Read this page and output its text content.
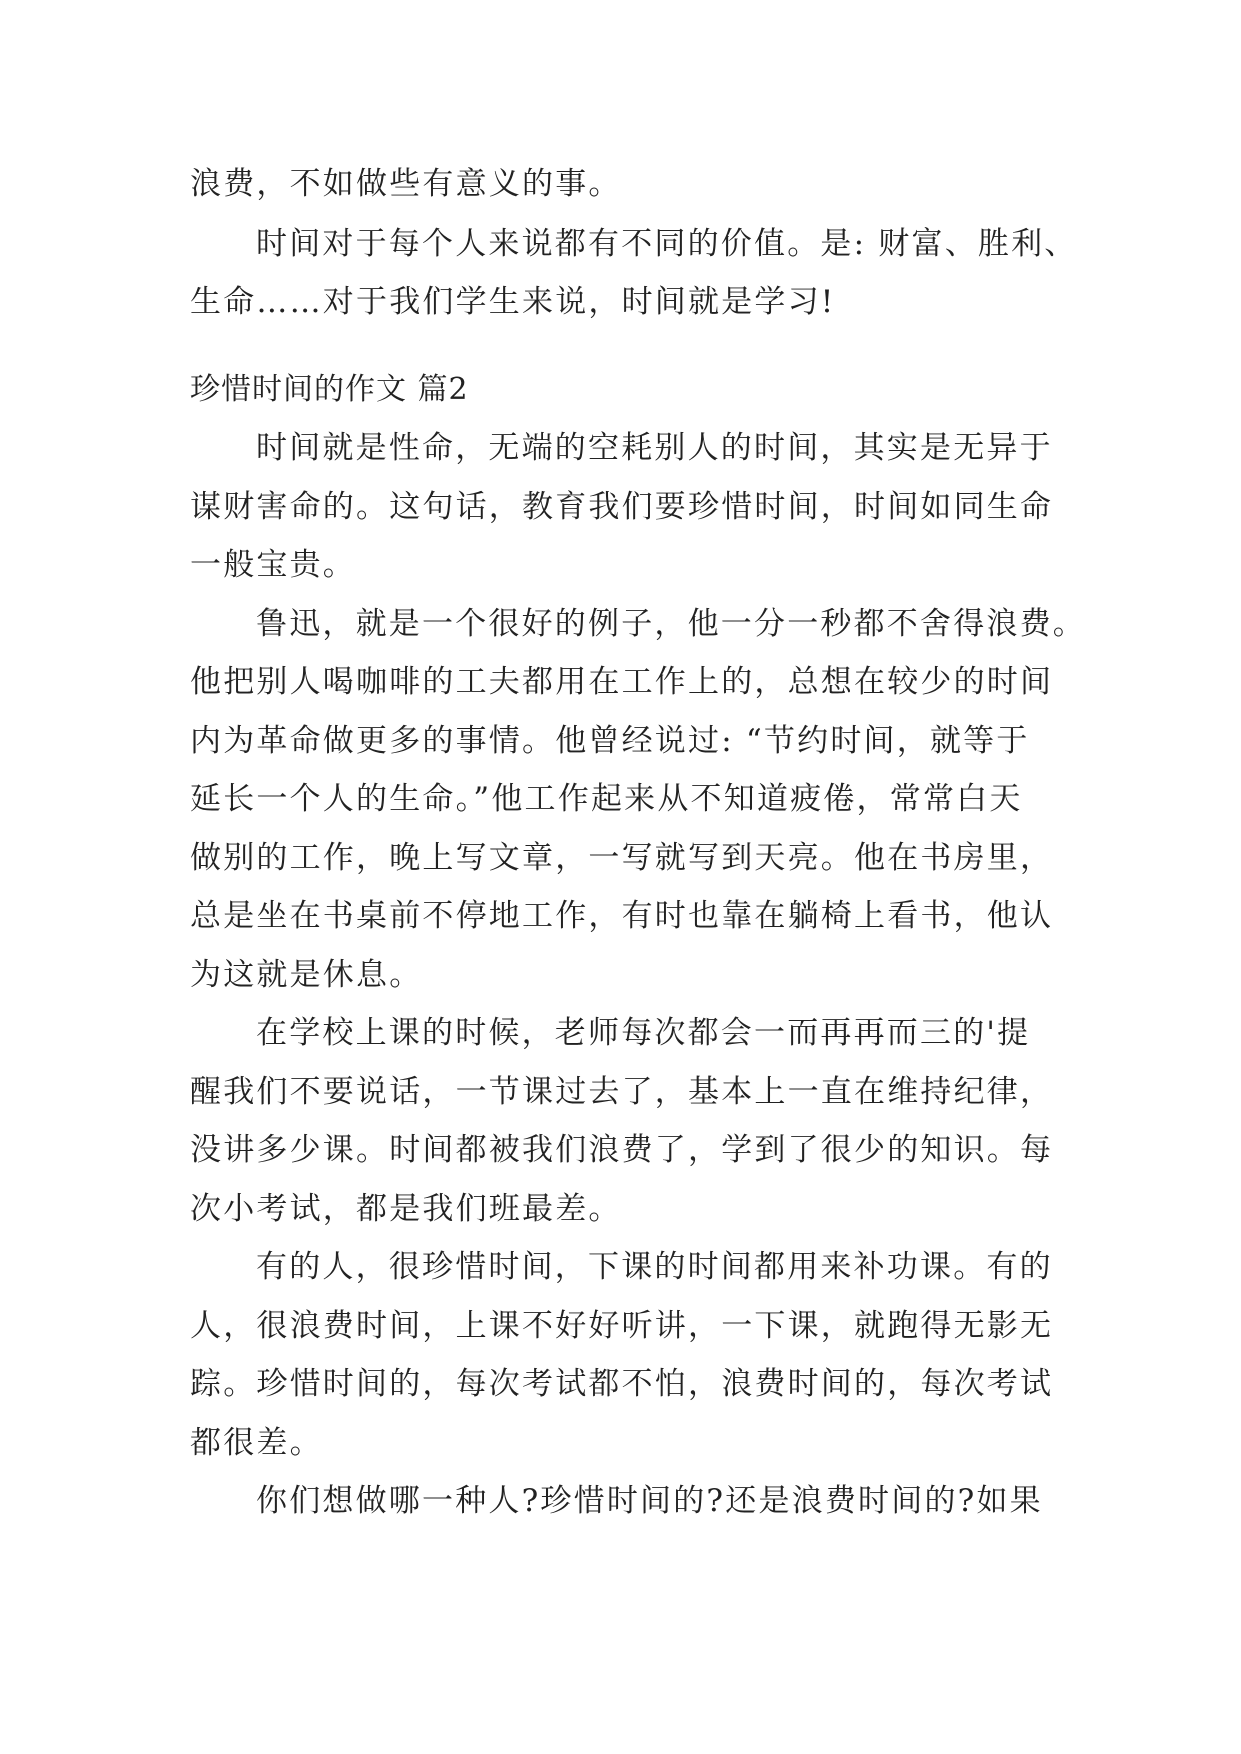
浪费，不如做些有意义的事。
时间对于每个人来说都有不同的价值。是: 财富、胜利、
生命……对于我们学生来说，时间就是学习!
珍惜时间的作文 篇2
时间就是性命，无端的空耗别人的时间，其实是无异于
谋财害命的。这句话，教育我们要珍惜时间，时间如同生命
一般宝贵。
鲁迅，就是一个很好的例子，他一分一秒都不舍得浪费。
他把别人喝咖啡的工夫都用在工作上的，总想在较少的时间
内为革命做更多的事情。他曾经说过: “节约时间，就等于
延长一个人的生命。”他工作起来从不知道疲倦，常常白天
做别的工作，晚上写文章，一写就写到天亮。他在书房里，
总是坐在书桌前不停地工作，有时也靠在躺椅上看书，他认
为这就是休息。
在学校上课的时候，老师每次都会一而再再而三的'提
醒我们不要说话，一节课过去了，基本上一直在维持纪律，
没讲多少课。时间都被我们浪费了，学到了很少的知识。每
次小考试，都是我们班最差。
有的人，很珍惜时间，下课的时间都用来补功课。有的
人，很浪费时间，上课不好好听讲，一下课，就跑得无影无
踪。珍惜时间的，每次考试都不怕，浪费时间的，每次考试
都很差。
你们想做哪一种人?珍惜时间的?还是浪费时间的?如果
